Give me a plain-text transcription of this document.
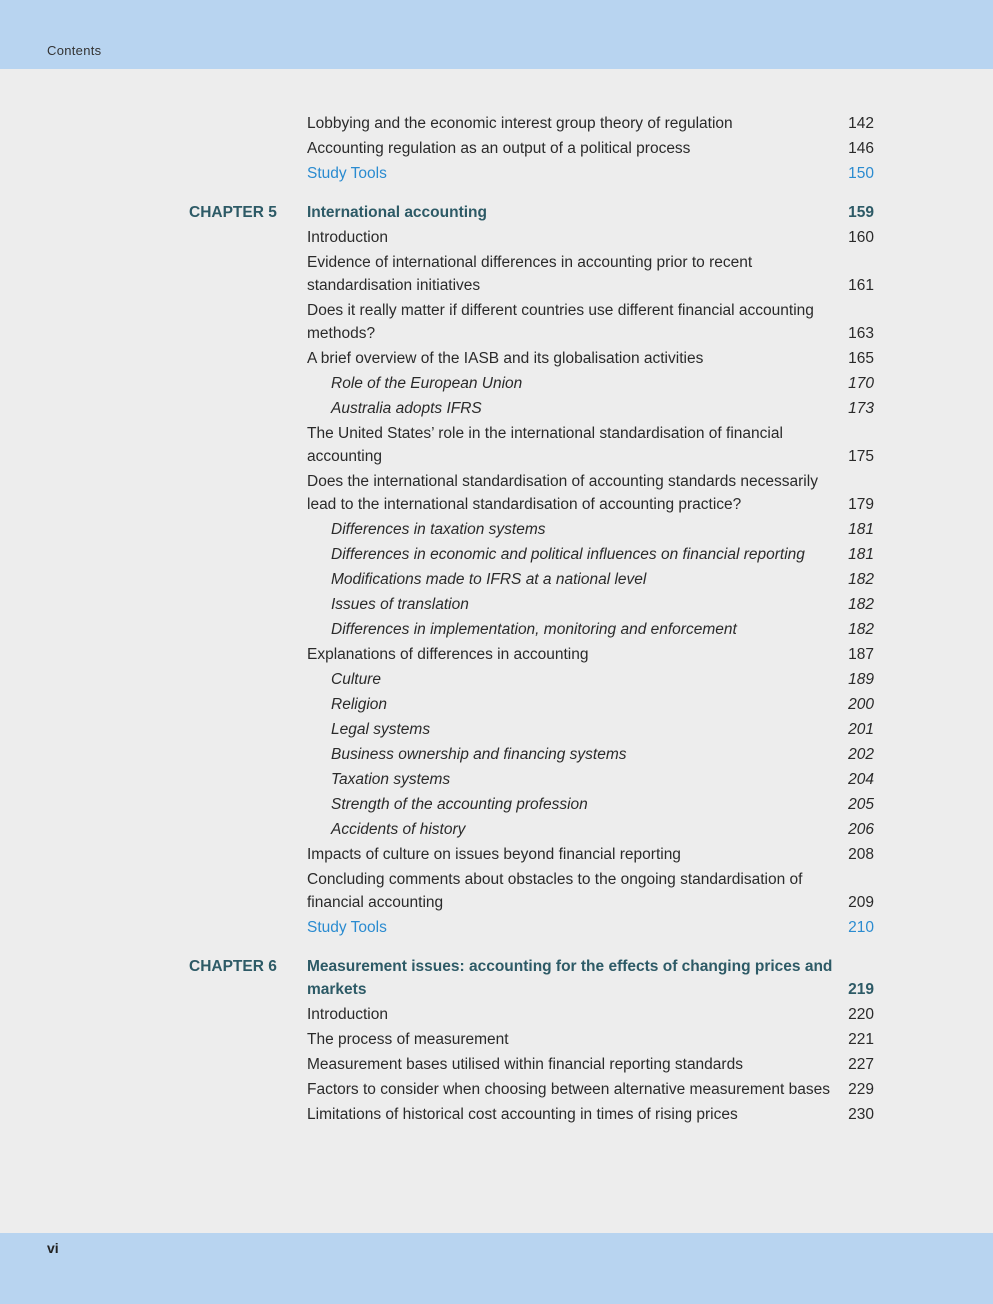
Contents
Lobbying and the economic interest group theory of regulation	142
Accounting regulation as an output of a political process	146
Study Tools	150
CHAPTER 5 International accounting	159
Introduction	160
Evidence of international differences in accounting prior to recent standardisation initiatives	161
Does it really matter if different countries use different financial accounting methods?	163
A brief overview of the IASB and its globalisation activities	165
Role of the European Union	170
Australia adopts IFRS	173
The United States’ role in the international standardisation of financial accounting	175
Does the international standardisation of accounting standards necessarily lead to the international standardisation of accounting practice?	179
Differences in taxation systems	181
Differences in economic and political influences on financial reporting	181
Modifications made to IFRS at a national level	182
Issues of translation	182
Differences in implementation, monitoring and enforcement	182
Explanations of differences in accounting	187
Culture	189
Religion	200
Legal systems	201
Business ownership and financing systems	202
Taxation systems	204
Strength of the accounting profession	205
Accidents of history	206
Impacts of culture on issues beyond financial reporting	208
Concluding comments about obstacles to the ongoing standardisation of financial accounting	209
Study Tools	210
CHAPTER 6 Measurement issues: accounting for the effects of changing prices and markets	219
Introduction	220
The process of measurement	221
Measurement bases utilised within financial reporting standards	227
Factors to consider when choosing between alternative measurement bases	229
Limitations of historical cost accounting in times of rising prices	230
vi
